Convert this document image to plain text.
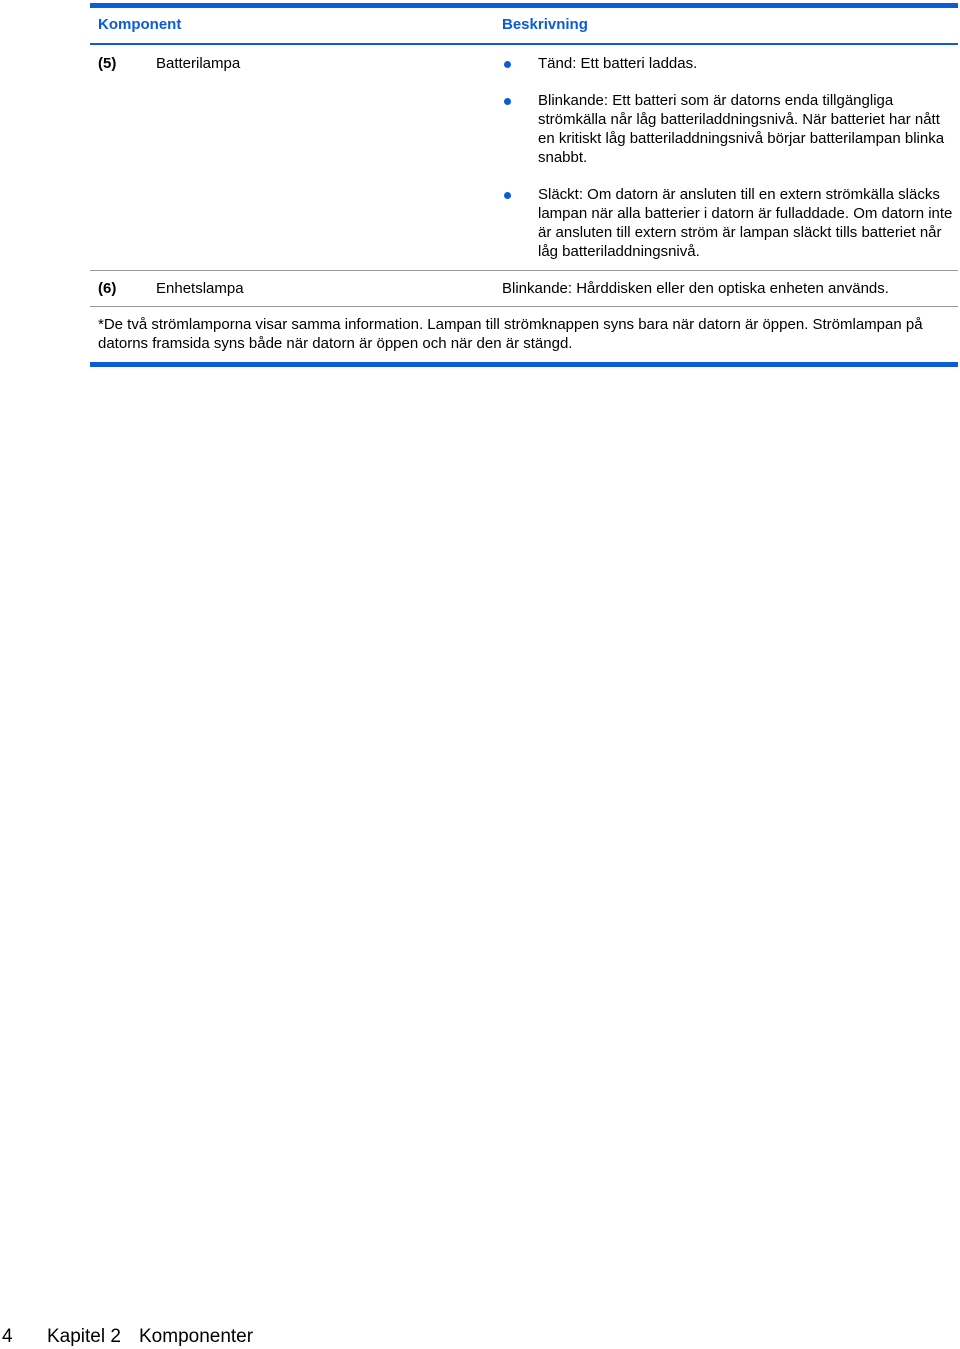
Komponent	Beskrivning
(5)	Batterilampa	Tänd: Ett batteri laddas.
Blinkande: Ett batteri som är datorns enda tillgängliga strömkälla når låg batteriladdningsnivå. När batteriet har nått en kritiskt låg batteriladdningsnivå börjar batterilampan blinka snabbt.
Släckt: Om datorn är ansluten till en extern strömkälla släcks lampan när alla batterier i datorn är fulladdade. Om datorn inte är ansluten till extern ström är lampan släckt tills batteriet når låg batteriladdningsnivå.
(6)	Enhetslampa	Blinkande: Hårddisken eller den optiska enheten används.
*De två strömlamporna visar samma information. Lampan till strömknappen syns bara när datorn är öppen. Strömlampan på datorns framsida syns både när datorn är öppen och när den är stängd.
4 Kapitel 2 Komponenter
